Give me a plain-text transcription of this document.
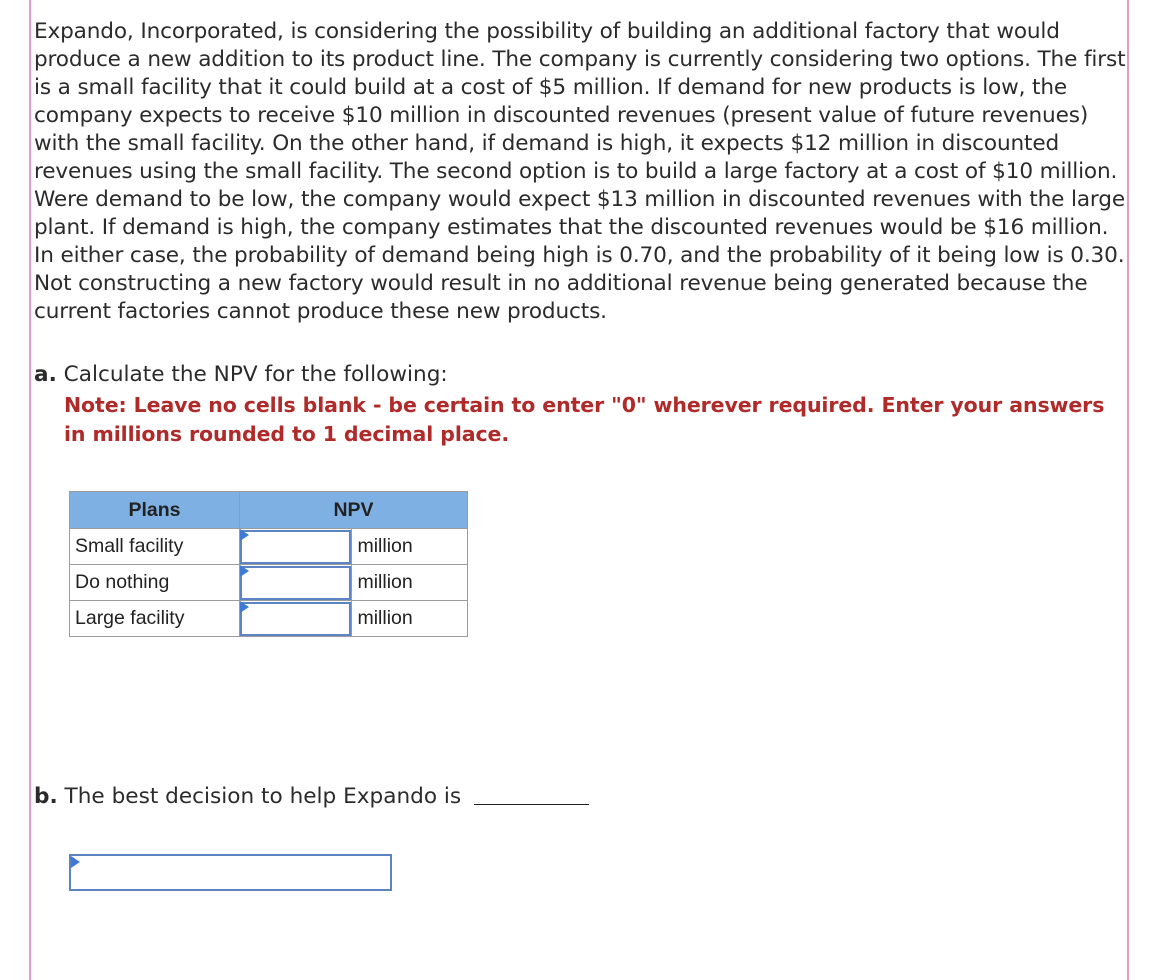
Expando, Incorporated, is considering the possibility of building an additional factory that would produce a new addition to its product line. The company is currently considering two options. The first is a small facility that it could build at a cost of $5 million. If demand for new products is low, the company expects to receive $10 million in discounted revenues (present value of future revenues) with the small facility. On the other hand, if demand is high, it expects $12 million in discounted revenues using the small facility. The second option is to build a large factory at a cost of $10 million. Were demand to be low, the company would expect $13 million in discounted revenues with the large plant. If demand is high, the company estimates that the discounted revenues would be $16 million. In either case, the probability of demand being high is 0.70, and the probability of it being low is 0.30. Not constructing a new factory would result in no additional revenue being generated because the current factories cannot produce these new products.
a. Calculate the NPV for the following:
Note: Leave no cells blank - be certain to enter "0" wherever required. Enter your answers in millions rounded to 1 decimal place.
Plans	NPV	
Small facility		million
Do nothing		million
Large facility		million
b. The best decision to help Expando is
